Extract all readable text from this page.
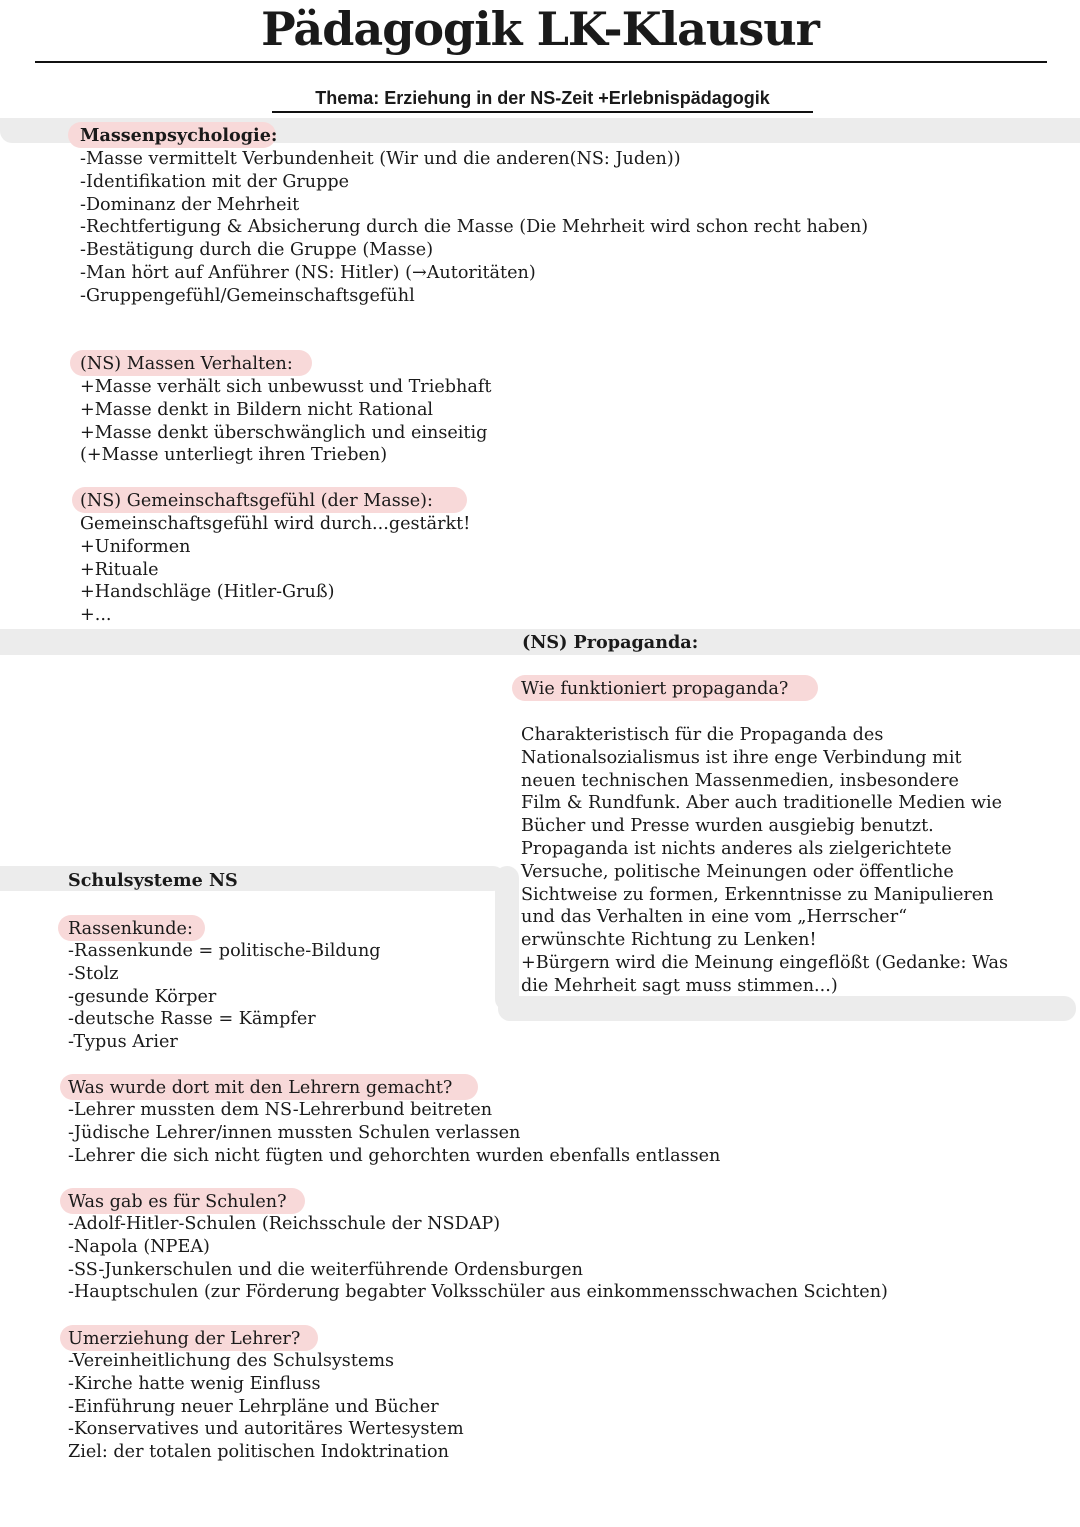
Pädagogik LK-Klausur
Thema: Erziehung in der NS-Zeit +Erlebnispädagogik
Massenpsychologie:
-Masse vermittelt Verbundenheit (Wir und die anderen(NS: Juden))
-Identifikation mit der Gruppe
-Dominanz der Mehrheit
-Rechtfertigung & Absicherung durch die Masse (Die Mehrheit wird schon recht haben)
-Bestätigung durch die Gruppe (Masse)
-Man hört auf Anführer (NS: Hitler) (→Autoritäten)
-Gruppengefühl/Gemeinschaftsgefühl
(NS) Massen Verhalten:
+Masse verhält sich unbewusst und Triebhaft
+Masse denkt in Bildern nicht Rational
+Masse denkt überschwänglich und einseitig
(+Masse unterliegt ihren Trieben)
(NS) Gemeinschaftsgefühl (der Masse):
Gemeinschaftsgefühl wird durch...gestärkt!
+Uniformen
+Rituale
+Handschläge (Hitler-Gruß)
+...
(NS) Propaganda:
Wie funktioniert propaganda?
Charakteristisch für die Propaganda des
Nationalsozialismus ist ihre enge Verbindung mit
neuen technischen Massenmedien, insbesondere
Film & Rundfunk. Aber auch traditionelle Medien wie
Bücher und Presse wurden ausgiebig benutzt.
Propaganda ist nichts anderes als zielgerichtete
Versuche, politische Meinungen oder öffentliche
Sichtweise zu formen, Erkenntnisse zu Manipulieren
und das Verhalten in eine vom „Herrscher“
erwünschte Richtung zu Lenken!
+Bürgern wird die Meinung eingeflößt (Gedanke: Was
die Mehrheit sagt muss stimmen...)
Schulsysteme NS
Rassenkunde:
-Rassenkunde = politische-Bildung
-Stolz
-gesunde Körper
-deutsche Rasse = Kämpfer
-Typus Arier
Was wurde dort mit den Lehrern gemacht?
-Lehrer mussten dem NS-Lehrerbund beitreten
-Jüdische Lehrer/innen mussten Schulen verlassen
-Lehrer die sich nicht fügten und gehorchten wurden ebenfalls entlassen
Was gab es für Schulen?
-Adolf-Hitler-Schulen (Reichsschule der NSDAP)
-Napola (NPEA)
-SS-Junkerschulen und die weiterführende Ordensburgen
-Hauptschulen (zur Förderung begabter Volksschüler aus einkommensschwachen Scichten)
Umerziehung der Lehrer?
-Vereinheitlichung des Schulsystems
-Kirche hatte wenig Einfluss
-Einführung neuer Lehrpläne und Bücher
-Konservatives und autoritäres Wertesystem
Ziel: der totalen politischen Indoktrination
